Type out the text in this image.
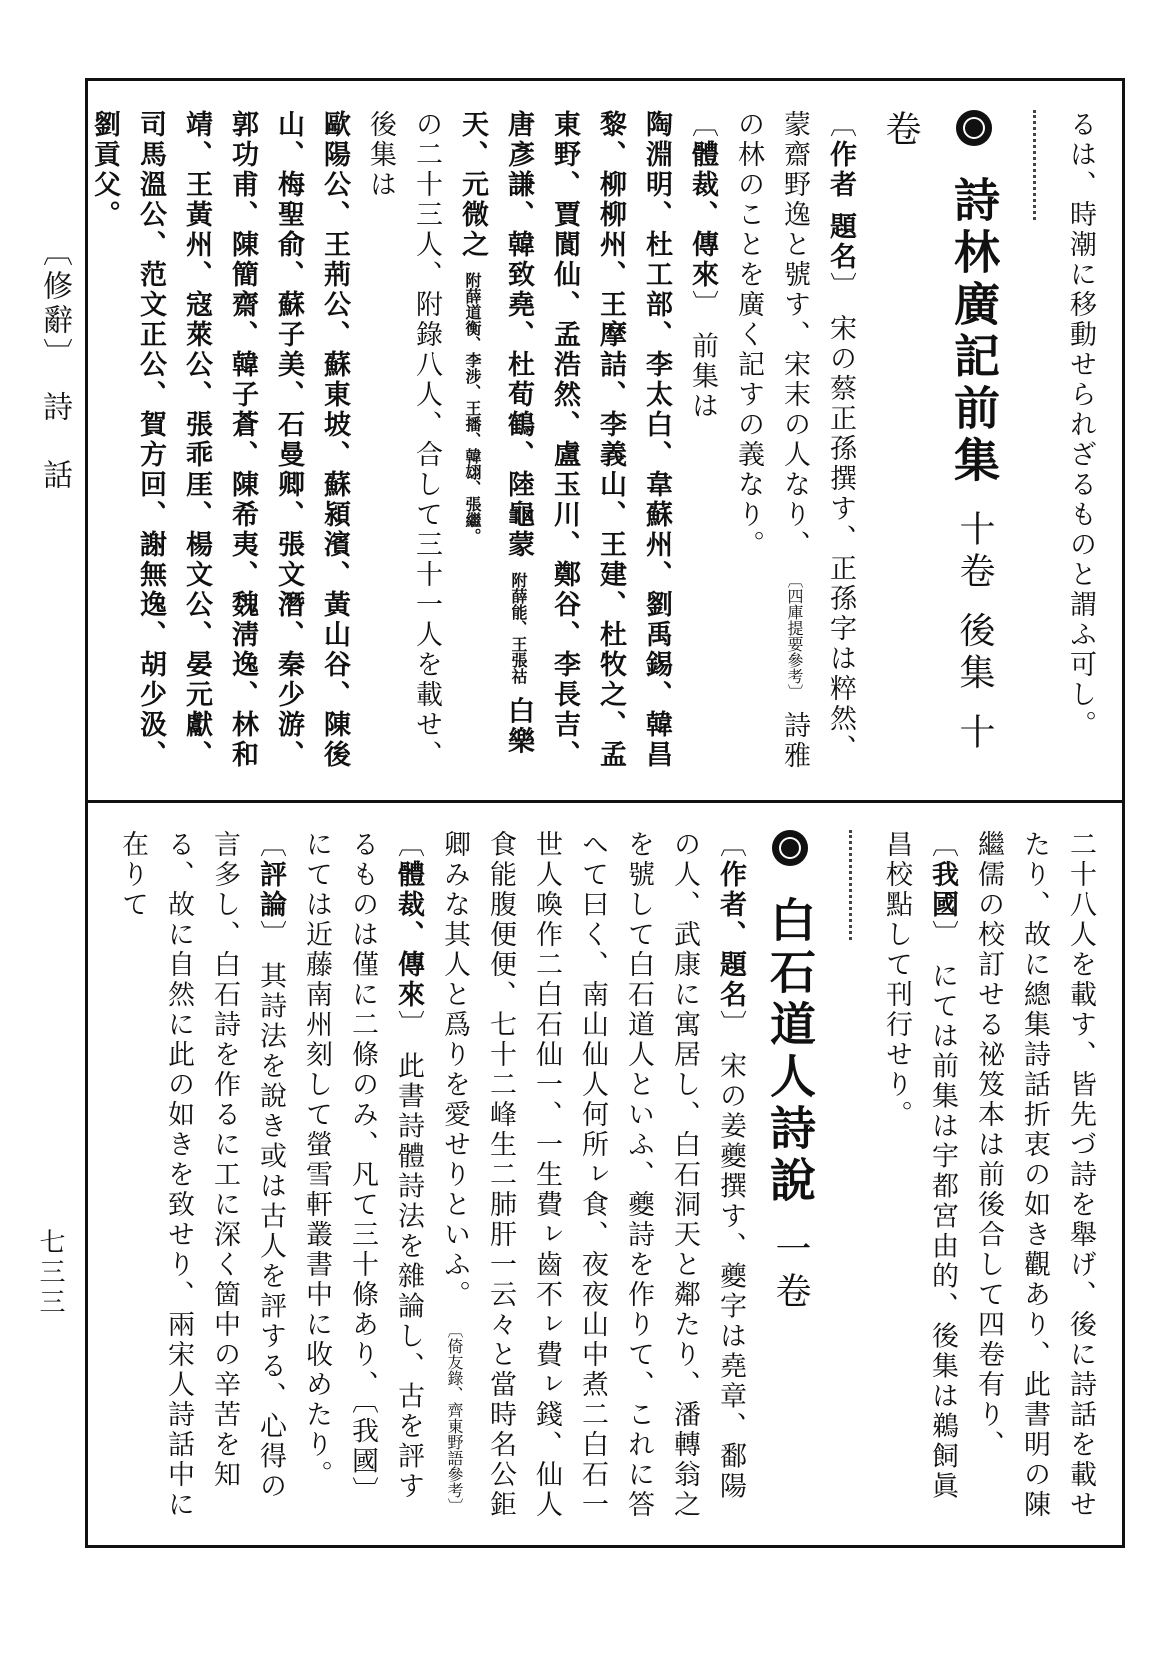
〔修辭〕　詩　話
七三三

るは、時潮に移動せられざるものと謂ふ可し。

詩林廣記前集 十卷 後集 十卷

〔 作者 題名 〕 宋の蔡正孫撰す、正孫字は粹然、蒙齋野逸と號す、宋末の人なり、 〔四庫提要參考〕 詩雅の林のことを廣く記すの義なり。

〔 體裁、傳來 〕 前集は

陶淵明、杜工部、李太白、韋蘇州、劉禹錫、韓昌黎、柳柳州、王摩詰、李義山、王建、杜牧之、孟東野、賈閬仙、孟浩然、盧玉川、鄭谷、李長吉、唐彥謙、韓致堯、杜荀鶴、陸龜蒙 附薛能、王張祜 白樂天、元微之 附薛道衡、李涉、王播、韓翃、張繼。

の二十三人、附錄八人、合して三十一人を載せ、後集は

歐陽公、王荊公、蘇東坡、蘇潁濱、黃山谷、陳後山、梅聖俞、蘇子美、石曼卿、張文潛、秦少游、郭功甫、陳簡齋、韓子蒼、陳希夷、魏淸逸、林和靖、王黃州、寇萊公、張乖厓、楊文公、晏元獻、司馬溫公、范文正公、賀方回、謝無逸、胡少汲、劉貢父。

二十八人を載す、皆先づ詩を舉げ、後に詩話を載せたり、故に總集詩話折衷の如き觀あり、此書明の陳繼儒の校訂せる祕笈本は前後合して四卷有り、 〔 我國 〕 にては前集は宇都宮由的、後集は鵜飼眞昌校點して刊行せり。

白石道人詩說 一卷

〔 作者、題名 〕 宋の姜夔撰す、夔字は堯章、鄱陽の人、武康に寓居し、白石洞天と鄰たり、潘轉翁之を號して白石道人といふ、夔詩を作りて、これに答へて曰く、南山仙人何所ㇾ食、夜夜山中煮二白石一世人喚作二白石仙一、一生費ㇾ齒不ㇾ費ㇾ錢、仙人食能腹便便、七十二峰生二肺肝一云々と當時名公鉅卿みな其人と爲りを愛せりといふ。 〔倚友錄、齊東野語參考〕

〔 體裁、傳來 〕 此書詩體詩法を雜論し、古を評するものは僅に二條のみ、凡て三十條あり、〔我國〕にては近藤南州刻して螢雪軒叢書中に收めたり。

〔 評論 〕 其詩法を說き或は古人を評する、心得の言多し、白石詩を作るに工に深く箇中の辛苦を知る、故に自然に此の如きを致せり、兩宋人詩話中に在りて
